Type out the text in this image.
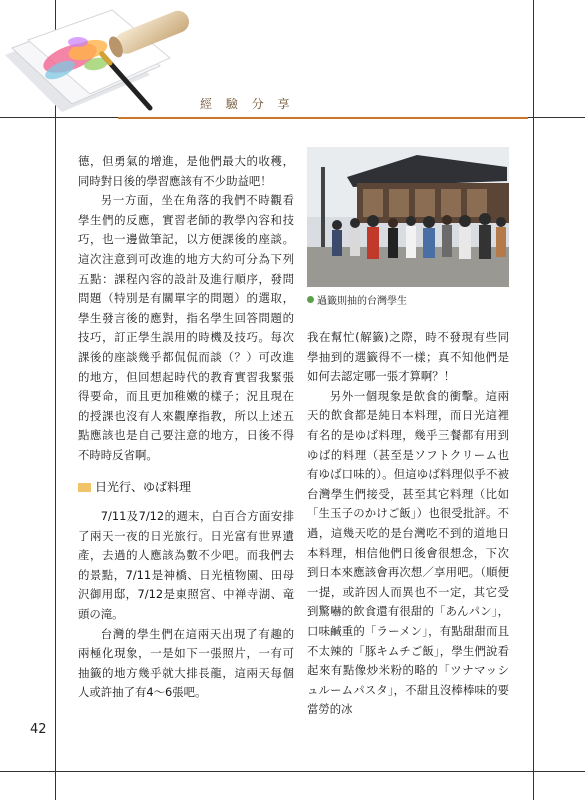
經 驗 分 享

德，但勇氣的增進，是他們最大的收穫，同時對日後的學習應該有不少助益吧！

另一方面，坐在角落的我們不時觀看學生們的反應，實習老師的教學內容和技巧，也一邊做筆記，以方便課後的座談。這次注意到可改進的地方大約可分為下列五點：課程內容的設計及進行順序，發問問題（特別是有關單字的問題）的選取，學生發言後的應對，指名學生回答問題的技巧，訂正學生誤用的時機及技巧。每次課後的座談幾乎都侃侃而談（？）可改進的地方，但回想起時代的教育實習我緊張得要命，而且更加稚嫩的樣子；況且現在的授課也沒有人來觀摩指教，所以上述五點應該也是自己要注意的地方，日後不得不時時反省啊。

日光行、ゆば料理

7/11及7/12的週末，白百合方面安排了兩天一夜的日光旅行。日光富有世界遺產，去過的人應該為數不少吧。而我們去的景點，7/11是神橋、日光植物園、田母沢御用邸，7/12是東照宮、中禅寺湖、竜頭の滝。

台灣的學生們在這兩天出現了有趣的兩極化現象，一是如下一張照片，一有可抽籤的地方幾乎就大排長龍，這兩天每個人或許抽了有4～6張吧。

過籤則抽的台灣學生

我在幫忙(解籤)之際，時不發現有些同學抽到的選籤得不一樣；真不知他們是如何去認定哪一張才算啊？！

另外一個現象是飲食的衝擊。這兩天的飲食都是純日本料理，而日光這裡有名的是ゆば料理，幾乎三餐都有用到ゆば的料理（甚至是ソフトクリーム也有ゆば口味的）。但這ゆば料理似乎不被台灣學生們接受，甚至其它料理（比如「生玉子のかけご飯」）也很受批評。不過，這幾天吃的是台灣吃不到的道地日本料理，相信他們日後會很想念，下次到日本來應該會再次想／享用吧。（順便一提，或許因人而異也不一定，其它受到驚嚇的飲食還有很甜的「あんパン」，口味鹹重的「ラーメン」，有點甜甜而且不太辣的「豚キムチご飯」，學生們說看起來有點像炒米粉的略的「ツナマッシュルームパスタ」，不甜且沒棒棒味的要當勞的冰

42
